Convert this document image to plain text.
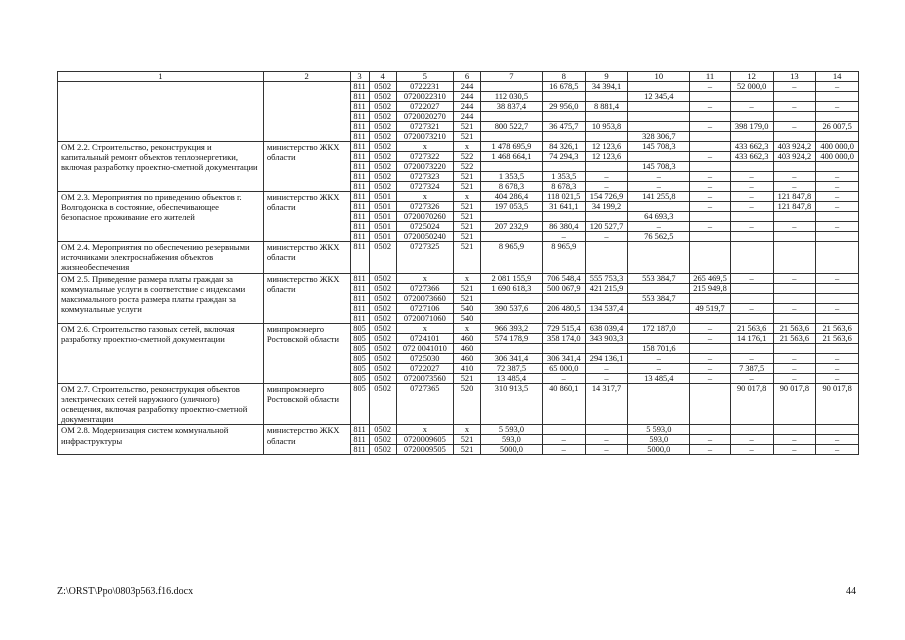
1	2	3	4	5	6	7	8	9	10	11	12	13	14
		811	0502	0722231	244		16 678,5	34 394,1		–	52 000,0	–	–
		811	0502	0720022310	244	112 030,5			12 345,4				
		811	0502	0722027	244	38 837,4	29 956,0	8 881,4		–	–	–	–
		811	0502	0720020270	244								
		811	0502	0727321	521	800 522,7	36 475,7	10 953,8		–	398 179,0	–	26 007,5
		811	0502	0720073210	521				328 306,7				
ОМ 2.2. Строительство, реконструкция и капитальный ремонт объектов теплоэнергетики, включая разработку проектно-сметной документации	министерство ЖКХ области	811	0502	x	x	1 478 695,9	84 326,1	12 123,6	145 708,3		433 662,3	403 924,2	400 000,0
		811	0502	0727322	522	1 468 664,1	74 294,3	12 123,6		–	433 662,3	403 924,2	400 000,0
		811	0502	0720073220	522				145 708,3				
		811	0502	0727323	521	1 353,5	1 353,5	–	–	–	–	–	–
		811	0502	0727324	521	8 678,3	8 678,3	–	–	–	–	–	–
ОМ 2.3. Мероприятия по приведению объектов г. Волгодонска в состояние, обеспечивающее безопасное проживание его жителей	министерство ЖКХ области	811	0501	x	x	404 286,4	118 021,5	154 726,9	141 255,8	–	–	121 847,8	–
		811	0501	0727326	521	197 053,5	31 641,1	34 199,2		–	–	121 847,8	–
		811	0501	0720070260	521				64 693,3				
		811	0501	0725024	521	207 232,9	86 380,4	120 527,7	–	–	–	–	–
		811	0501	0720050240	521		–	–	76 562,5				
ОМ 2.4. Мероприятия по обеспечению резервными источниками электроснабжения объектов жизнеобеспечения	министерство ЖКХ области	811	0502	0727325	521	8 965,9	8 965,9						
ОМ 2.5. Приведение размера платы граждан за коммунальные услуги в соответствие с индексами максимального роста размера платы граждан за коммунальные услуги	министерство ЖКХ области	811	0502	x	x	2 081 155,9	706 548,4	555 753,3	553 384,7	265 469,5	–	–	–
		811	0502	0727366	521	1 690 618,3	500 067,9	421 215,9		215 949,8			
		811	0502	0720073660	521				553 384,7				
		811	0502	0727106	540	390 537,6	206 480,5	134 537,4		49 519,7	–	–	–
		811	0502	0720071060	540								
ОМ 2.6. Строительство газовых сетей, включая разработку проектно-сметной документации	минпромэнерго Ростовской области	805	0502	x	x	966 393,2	729 515,4	638 039,4	172 187,0	–	21 563,6	21 563,6	21 563,6
		805	0502	0724101	460	574 178,9	358 174,0	343 903,3		–	14 176,1	21 563,6	21 563,6
		805	0502	072 0041010	460				158 701,6				
		805	0502	0725030	460	306 341,4	306 341,4	294 136,1	–	–	–	–	–
		805	0502	0722027	410	72 387,5	65 000,0	–	–	–	7 387,5	–	–
		805	0502	0720073560	521	13 485,4	–	–	13 485,4	–	–	–	–
ОМ 2.7. Строительство, реконструкция объектов электрических сетей наружного (уличного) освещения, включая разработку проектно-сметной документации	минпромэнерго Ростовской области	805	0502	0727365	520	310 913,5	40 860,1	14 317,7			90 017,8	90 017,8	90 017,8
ОМ 2.8. Модернизация систем коммунальной инфраструктуры	министерство ЖКХ области	811	0502	x	x	5 593,0			5 593,0				
		811	0502	0720009605	521	593,0	–	–	593,0	–	–	–	–
		811	0502	0720009505	521	5000,0	–	–	5000,0	–	–	–	–
Z:\ORST\Ppo\0803p563.f16.docx	44
